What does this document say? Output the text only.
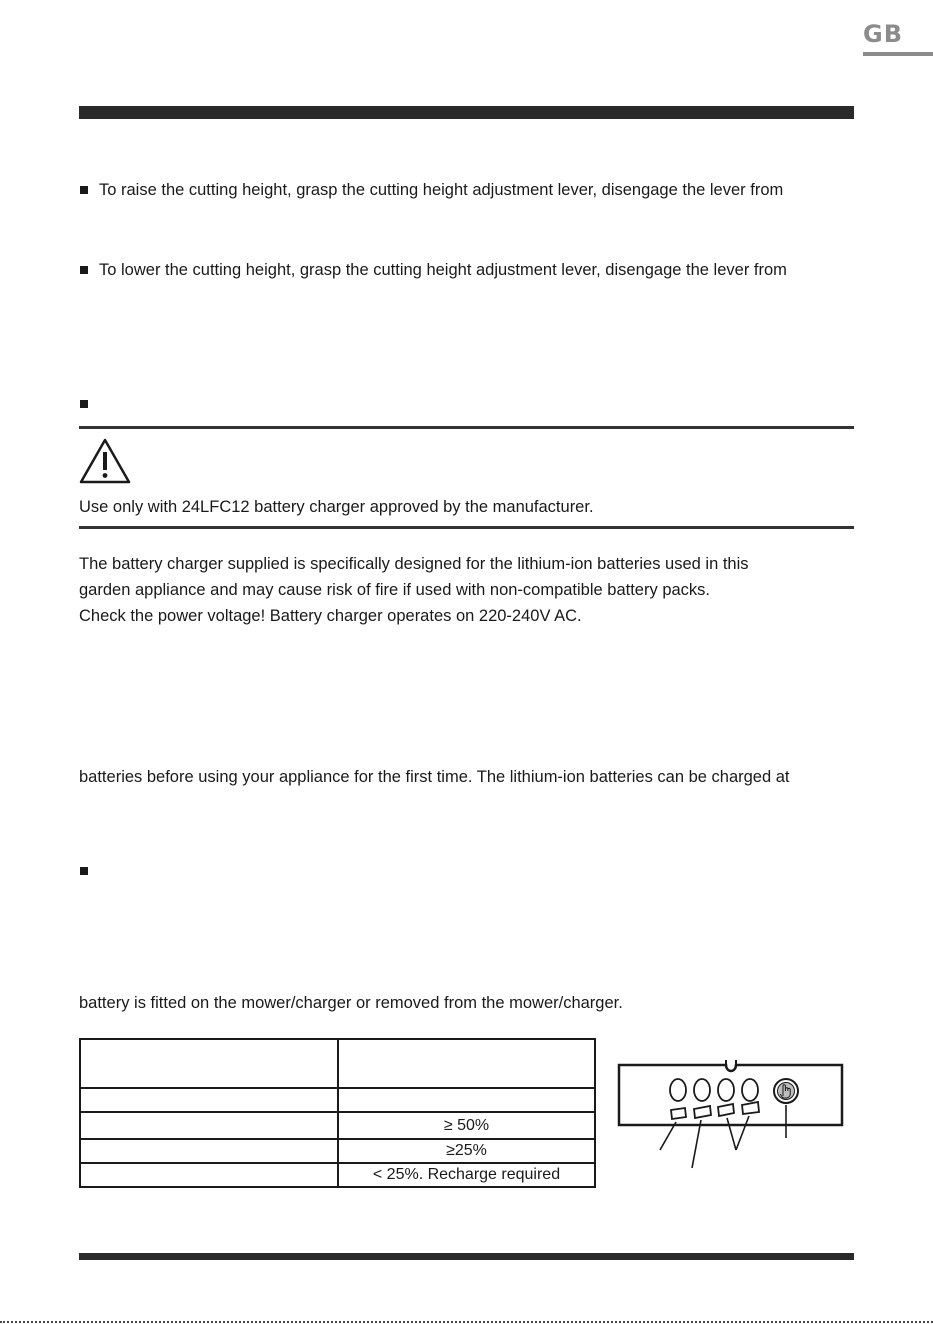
GB
To raise the cutting height, grasp the cutting height adjustment lever, disengage the lever from
To lower the cutting height, grasp the cutting height adjustment lever, disengage the lever from
Use only with 24LFC12 battery charger approved by the manufacturer.
The battery charger supplied is specifically designed for the lithium-ion batteries used in this
garden appliance and may cause risk of fire if used with non-compatible battery packs.
Check the power voltage! Battery charger operates on 220-240V AC.
batteries before using your appliance for the first time. The lithium-ion batteries can be charged at
battery is fitted on the mower/charger or removed from the mower/charger.

	≥ 50%
	≥25%
	< 25%. Recharge required
